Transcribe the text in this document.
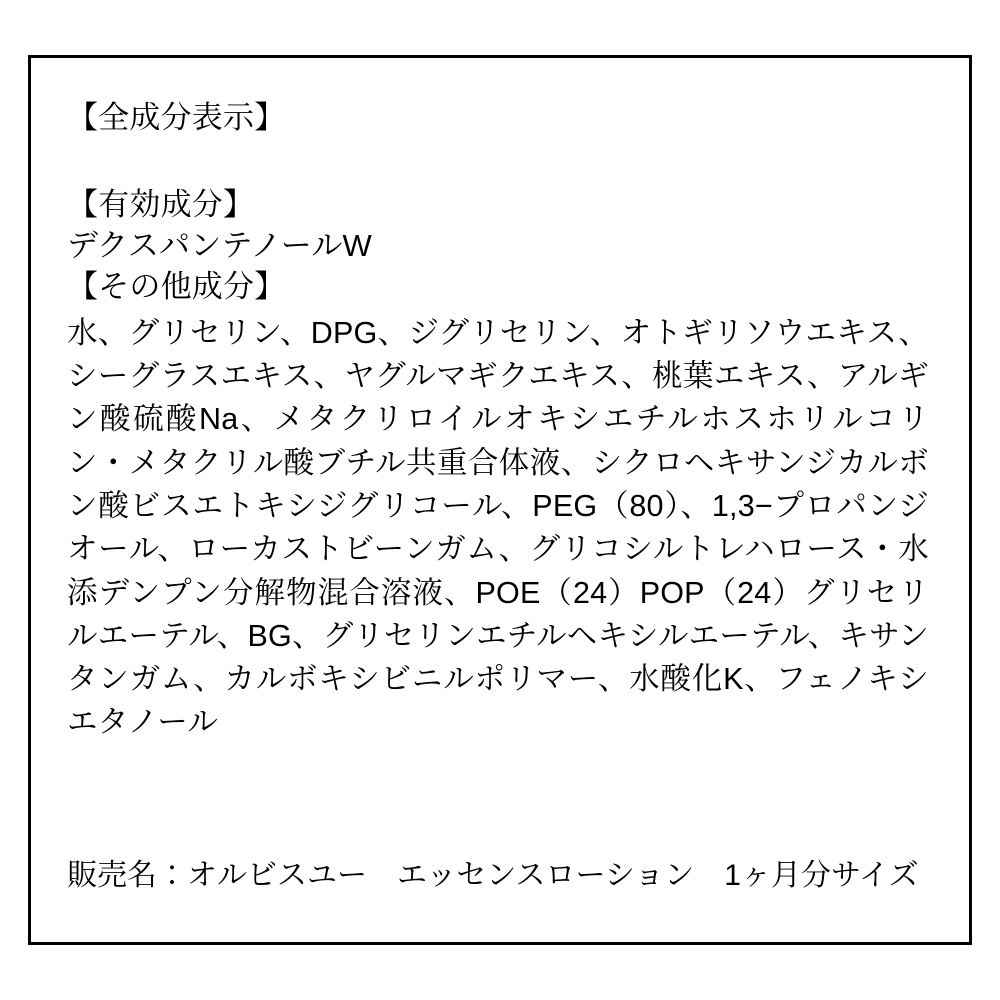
【全成分表示】

【有効成分】

デクスパンテノールW

【その他成分】

水、グリセリン、DPG、ジグリセリン、オトギリソウエキス、シーグラスエキス、ヤグルマギクエキス、桃葉エキス、アルギン酸硫酸Na、メタクリロイルオキシエチルホスホリルコリン・メタクリル酸ブチル共重合体液、シクロヘキサンジカルボン酸ビスエトキシジグリコール、PEG（80）、1,3−プロパンジオール、ローカストビーンガム、グリコシルトレハロース・水添デンプン分解物混合溶液、POE（24）POP（24）グリセリルエーテル、BG、グリセリンエチルヘキシルエーテル、キサンタンガム、カルボキシビニルポリマー、水酸化K、フェノキシエタノール

販売名：オルビスユー　エッセンスローション　1ヶ月分サイズ
